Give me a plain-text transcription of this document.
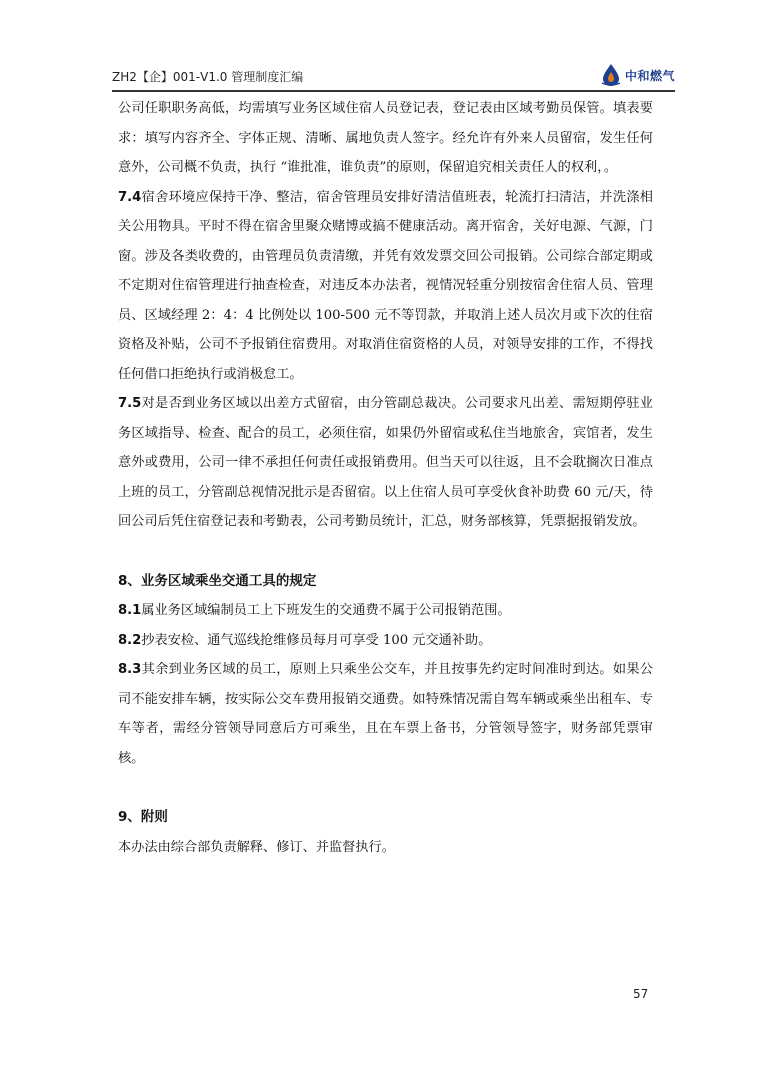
ZH2【企】001-V1.0 管理制度汇编	中和燃气

公司任职职务高低，均需填写业务区域住宿人员登记表，登记表由区域考勤员保管。填表要求：填写内容齐全、字体正规、清晰、属地负责人签字。经允许有外来人员留宿，发生任何意外，公司概不负责，执行 “谁批准，谁负责”的原则，保留追究相关责任人的权利，。

7.4宿舍环境应保持干净、整洁，宿舍管理员安排好清洁值班表，轮流打扫清洁，并洗涤相关公用物具。平时不得在宿舍里聚众赌博或搞不健康活动。离开宿舍，关好电源、气源，门窗。涉及各类收费的，由管理员负责清缴，并凭有效发票交回公司报销。公司综合部定期或不定期对住宿管理进行抽查检查，对违反本办法者，视情况轻重分别按宿舍住宿人员、管理员、区域经理 2：4：4 比例处以 100-500 元不等罚款，并取消上述人员次月或下次的住宿资格及补贴，公司不予报销住宿费用。对取消住宿资格的人员，对领导安排的工作，不得找任何借口拒绝执行或消极怠工。

7.5对是否到业务区域以出差方式留宿，由分管副总裁决。公司要求凡出差、需短期停驻业务区域指导、检查、配合的员工，必须住宿，如果仍外留宿或私住当地旅舍，宾馆者，发生意外或费用，公司一律不承担任何责任或报销费用。但当天可以往返，且不会耽搁次日准点上班的员工，分管副总视情况批示是否留宿。以上住宿人员可享受伙食补助费 60 元/天，待回公司后凭住宿登记表和考勤表，公司考勤员统计，汇总，财务部核算，凭票据报销发放。

8、业务区域乘坐交通工具的规定

8.1属业务区域编制员工上下班发生的交通费不属于公司报销范围。

8.2抄表安检、通气巡线抢维修员每月可享受 100 元交通补助。

8.3其余到业务区域的员工，原则上只乘坐公交车，并且按事先约定时间准时到达。如果公司不能安排车辆，按实际公交车费用报销交通费。如特殊情况需自驾车辆或乘坐出租车、专车等者，需经分管领导同意后方可乘坐，且在车票上备书，分管领导签字，财务部凭票审核。

9、附则

本办法由综合部负责解释、修订、并监督执行。

57
